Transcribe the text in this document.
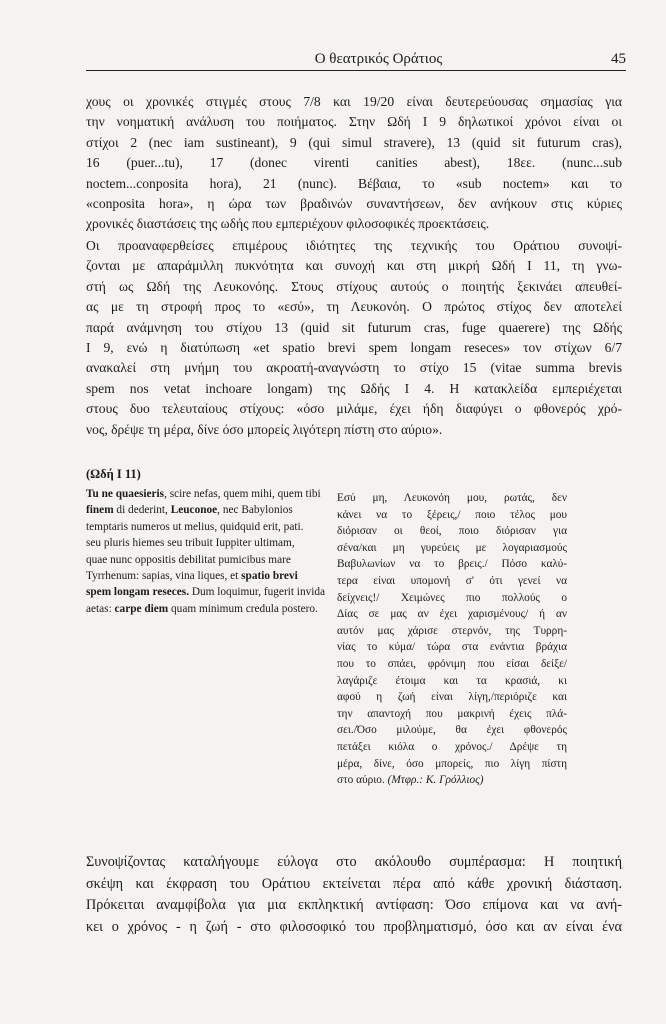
Ο θεατρικός Οράτιος	45

χους οι χρονικές στιγμές στους 7/8 και 19/20 είναι δευτερεύουσας σημασίας για
την νοηματική ανάλυση του ποιήματος. Στην Ωδή I 9 δηλωτικοί χρόνοι είναι οι
στίχοι 2 (nec iam sustineant), 9 (qui simul stravere), 13 (quid sit futurum cras),
16 (puer...tu), 17 (donec virenti canities abest), 18εε. (nunc...sub
noctem...conposita hora), 21 (nunc). Βέβαια, το «sub noctem» και το
«conposita hora», η ώρα των βραδινών συναντήσεων, δεν ανήκουν στις κύριες
χρονικές διαστάσεις της ωδής που εμπεριέχουν φιλοσοφικές προεκτάσεις.

Οι προαναφερθείσες επιμέρους ιδιότητες της τεχνικής του Οράτιου συνοψί-
ζονται με απαράμιλλη πυκνότητα και συνοχή και στη μικρή Ωδή I 11, τη γνω-
στή ως Ωδή της Λευκονόης. Στους στίχους αυτούς ο ποιητής ξεκινάει απευθεί-
ας με τη στροφή προς το «εσύ», τη Λευκονόη. Ο πρώτος στίχος δεν αποτελεί
παρά ανάμνηση του στίχου 13 (quid sit futurum cras, fuge quaerere) της Ωδής
I 9, ενώ η διατύπωση «et spatio brevi spem longam reseces» τον στίχων 6/7
ανακαλεί στη μνήμη του ακροατή-αναγνώστη το στίχο 15 (vitae summa brevis
spem nos vetat inchoare longam) της Ωδής I 4. Η κατακλείδα εμπεριέχεται
στους δυο τελευταίους στίχους: «όσο μιλάμε, έχει ήδη διαφύγει ο φθονερός χρό-
νος, δρέψε τη μέρα, δίνε όσο μπορείς λιγότερη πίστη στο αύριο».

(Ωδή I 11)
Tu ne quaesieris, scire nefas, quem mihi, quem tibi
finem di dederint, Leuconoe, nec Babylonios
temptaris numeros ut melius, quidquid erit, pati.
seu pluris hiemes seu tribuit Iuppiter ultimam,
quae nunc oppositis debilitat pumicibus mare
Tyrrhenum: sapias, vina liques, et spatio brevi
spem longam reseces. Dum loquimur, fugerit invida
aetas: carpe diem quam minimum credula postero.
Εσύ μη, Λευκονόη μου, ρωτάς, δεν
κάνει να το ξέρεις,/ ποιο τέλος μου
διόρισαν οι θεοί, ποιο διόρισαν για
σένα/και μη γυρεύεις με λογαριασμούς
Βαβυλωνίων να το βρεις./ Πόσο καλύ-
τερα είναι υπομονή σ' ότι γενεί να
δείχνεις!/ Χειμώνες πιο πολλούς ο
Δίας σε μας αν έχει χαρισμένους/ ή αν
αυτόν μας χάρισε στερνόν, της Τυρρη-
νίας το κύμα/ τώρα στα ενάντια βράχια
που το σπάει, φρόνιμη που είσαι δείξε/
λαγάριζε έτοιμα και τα κρασιά, κι
αφού η ζωή είναι λίγη,/περιόριζε και
την απαντοχή που μακρινή έχεις πλά-
σει./Όσο μιλούμε, θα έχει φθονερός
πετάξει κιόλα ο χρόνος./ Δρέψε τη
μέρα, δίνε, όσο μπορείς, πιο λίγη πίστη
στο αύριο. (Μτφρ.: Κ. Γρόλλιος)

Συνοψίζοντας καταλήγουμε εύλογα στο ακόλουθο συμπέρασμα: Η ποιητική
σκέψη και έκφραση του Οράτιου εκτείνεται πέρα από κάθε χρονική διάσταση.
Πρόκειται αναμφίβολα για μια εκπληκτική αντίφαση: Όσο επίμονα και να ανή-
κει ο χρόνος - η ζωή - στο φιλοσοφικό του προβληματισμό, όσο και αν είναι ένα
